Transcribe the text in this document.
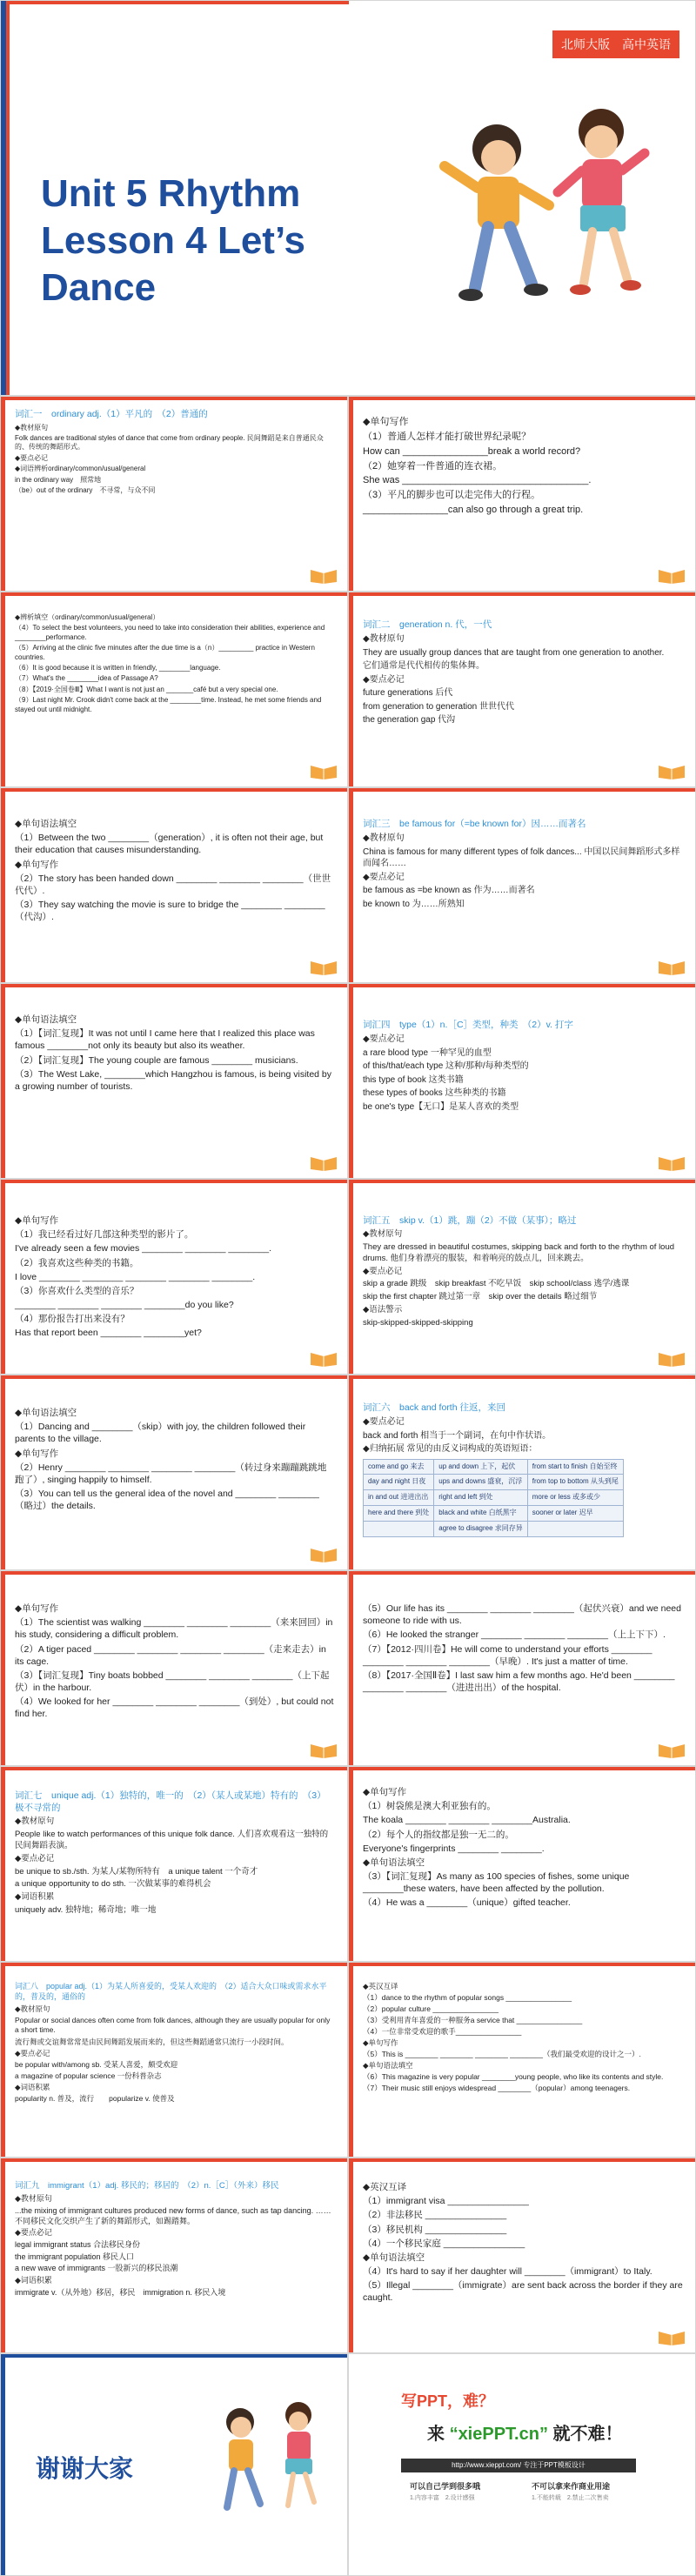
北师大版　高中英语
Unit 5 Rhythm
Lesson 4 Let’s
Dance

词汇一　ordinary adj.（1）平凡的　（2）普通的　

◆教材原句

Folk dances are traditional styles of dance that come from ordinary people. 民间舞蹈是来自普通民众的、传统的舞蹈形式。

◆要点必记

◆词语辨析ordinary/common/usual/general

in the ordinary way　照常地

（be）out of the ordinary　不寻常，与众不同

◆单句写作

（1）普通人怎样才能打破世界纪录呢？

How can ________________break a world record?

（2）她穿着一件普通的连衣裙。

She was ___________________________________.

（3）平凡的脚步也可以走完伟大的行程。

________________can also go through a great trip.

◆辨析填空（ordinary/common/usual/general）

（4）To select the best volunteers, you need to take into consideration their abilities, experience and ________performance.

（5）Arriving at the clinic five minutes after the due time is a（n）_________ practice in Western countries.

（6）It is good because it is written in friendly, ________language.

（7）What's the ________idea of Passage A?

（8）【2019·全国卷Ⅲ】What I want is not just an _______café but a very special one.

（9）Last night Mr. Crook didn't come back at the ________time. Instead, he met some friends and stayed out until midnight.

词汇二　generation n. 代，一代

◆教材原句

They are usually group dances that are taught from one generation to another.

它们通常是代代相传的集体舞。

◆要点必记

future generations 后代

from generation to generation 世世代代

the generation gap 代沟

◆单句语法填空

（1）Between the two ________（generation）, it is often not their age, but their education that causes misunderstanding.

◆单句写作

（2）The story has been handed down ________ ________ ________（世世代代）.

（3）They say watching the movie is sure to bridge the ________ ________（代沟）.

词汇三　be famous for（=be known for）因……而著名

◆教材原句

China is famous for many different types of folk dances... 中国以民间舞蹈形式多样而闻名……

◆要点必记

be famous as =be known as 作为……而著名

be known to 为……所熟知

◆单句语法填空

（1）【词汇复现】It was not until I came here that I realized this place was famous ________not only its beauty but also its weather.

（2）【词汇复现】The young couple are famous ________ musicians.

（3）The West Lake, ________which Hangzhou is famous, is being visited by a growing number of tourists.

词汇四　type（1）n.［C］类型，种类　（2）v. 打字

◆要点必记

a rare blood type 一种罕见的血型

of this/that/each type 这种/那种/每种类型的

this type of book 这类书籍

these types of books 这些种类的书籍

be one's type【无口】是某人喜欢的类型

◆单句写作

（1）我已经看过好几部这种类型的影片了。

I've already seen a few movies ________ ________ ________.

（2）我喜欢这些种类的书籍。

I love ________ ________ ________ ________ ________.

（3）你喜欢什么类型的音乐？

________ ________ ________ ________do you like?

（4）那份报告打出来没有？

Has that report been ________ ________yet?

词汇五　skip v.（1）跳，蹦（2）不做（某事）；略过

◆教材原句

They are dressed in beautiful costumes, skipping back and forth to the rhythm of loud drums. 他们身着漂亮的服装，和着响亮的鼓点儿，回来跳去。

◆要点必记

skip a grade 跳级　skip breakfast 不吃早饭　skip school/class 逃学/逃课

skip the first chapter 跳过第一章　skip over the details 略过细节

◆语法警示

skip-skipped-skipped-skipping

◆单句语法填空

（1）Dancing and ________（skip）with joy, the children followed their parents to the village.

◆单句写作

（2）Henry ________ ________ ________ ________（转过身来蹦蹦跳跳地跑了）, singing happily to himself.

（3）You can tell us the general idea of the novel and ________ ________（略过）the details.

词汇六　back and forth 往返，来回

◆要点必记

back and forth 相当于一个副词，在句中作状语。

◆归纳拓展 常见的由反义词构成的英语短语：

come and go 来去	up and down 上下，起伏	from start to finish 自始至终
day and night 日夜	ups and downs 盛衰，沉浮	from top to bottom 从头到尾
in and out 进进出出	right and left 到处	more or less 或多或少
here and there 到处	black and white 白纸黑字	sooner or later 迟早
	agree to disagree 求同存异	

◆单句写作

（1）The scientist was walking ________ ________ ________（来来回回）in his study, considering a difficult problem.

（2）A tiger paced ________ ________ ________ ________（走来走去）in its cage.

（3）【词汇复现】Tiny boats bobbed ________ ________ ________（上下起伏）in the harbour.

（4）We looked for her ________ ________ ________（到处）, but could not find her.

（5）Our life has its ________ ________ ________（起伏兴衰）and we need someone to ride with us.

（6）He looked the stranger ________ ________ ________（上上下下）.

（7）【2012·四川卷】He will come to understand your efforts ________ ________ ________ ________（早晚）. It's just a matter of time.

（8）【2017·全国Ⅱ卷】I last saw him a few months ago. He'd been ________ ________ ________（进进出出）of the hospital.

词汇七　unique adj.（1）独特的，唯一的　（2）（某人或某地）特有的　（3）极不寻常的

◆教材原句

People like to watch performances of this unique folk dance. 人们喜欢观看这一独特的民间舞蹈表演。

◆要点必记

be unique to sb./sth. 为某人/某物所特有　a unique talent 一个奇才

a unique opportunity to do sth. 一次做某事的难得机会

◆词语积累

uniquely adv. 独特地；稀奇地；唯一地

◆单句写作

（1）树袋熊是澳大利亚独有的。

The koala ________ ________ ________Australia.

（2）每个人的指纹都是独一无二的。

Everyone's fingerprints ________ ________.

◆单句语法填空

（3）【词汇复现】As many as 100 species of fishes, some unique ________these waters, have been affected by the pollution.

（4）He was a ________（unique）gifted teacher.

词汇八　popular adj.（1）为某人所喜爱的，受某人欢迎的　（2）适合大众口味或需求水平的，普及的，通俗的

◆教材原句

Popular or social dances often come from folk dances, although they are usually popular for only a short time.

流行舞或交谊舞常常是由民间舞蹈发展而来的，但这些舞蹈通常只流行一小段时间。

◆要点必记

be popular with/among sb. 受某人喜爱，颇受欢迎

a magazine of popular science 一份科普杂志

◆词语积累

popularity n. 普及，流行　　popularize v. 使普及

◆英汉互译

（1）dance to the rhythm of popular songs ________________

（2）popular culture ________________

（3）受利用青年喜爱的一种服务a service that ________________

（4）一位非常受欢迎的歌手________________

◆单句写作

（5）This is ________ ________ ________ ________（我们最受欢迎的设计之一）.

◆单句语法填空

（6）This magazine is very popular ________young people, who like its contents and style.

（7）Their music still enjoys widespread ________（popular）among teenagers.

词汇九　immigrant（1）adj. 移民的；移居的　（2）n.［C］（外来）移民

◆教材原句

...the mixing of immigrant cultures produced new forms of dance, such as tap dancing. ……不同移民文化交织产生了新的舞蹈形式，如踢踏舞。

◆要点必记

legal immigrant status 合法移民身份

the immigrant population 移民人口

a new wave of immigrants 一股新兴的移民浪潮

◆词语积累

immigrate v.（从外地）移居，移民　immigration n. 移民入境

◆英汉互译

（1）immigrant visa ________________

（2）非法移民 ________________

（3）移民机构 ________________

（4）一个移民家庭 ________________

◆单句语法填空

（4）It's hard to say if her daughter will ________（immigrant）to Italy.

（5）Illegal ________（immigrate）are sent back across the border if they are caught.

谢谢大家
写PPT，难？
来 “xiePPT.cn” 就不难！
http://www.xieppt.com/ 专注于PPT模板设计
可以自己学到很多哦
1.内容丰富　2.设计感强
不可以拿来作商业用途
1.不能转载　2.禁止二次售卖
